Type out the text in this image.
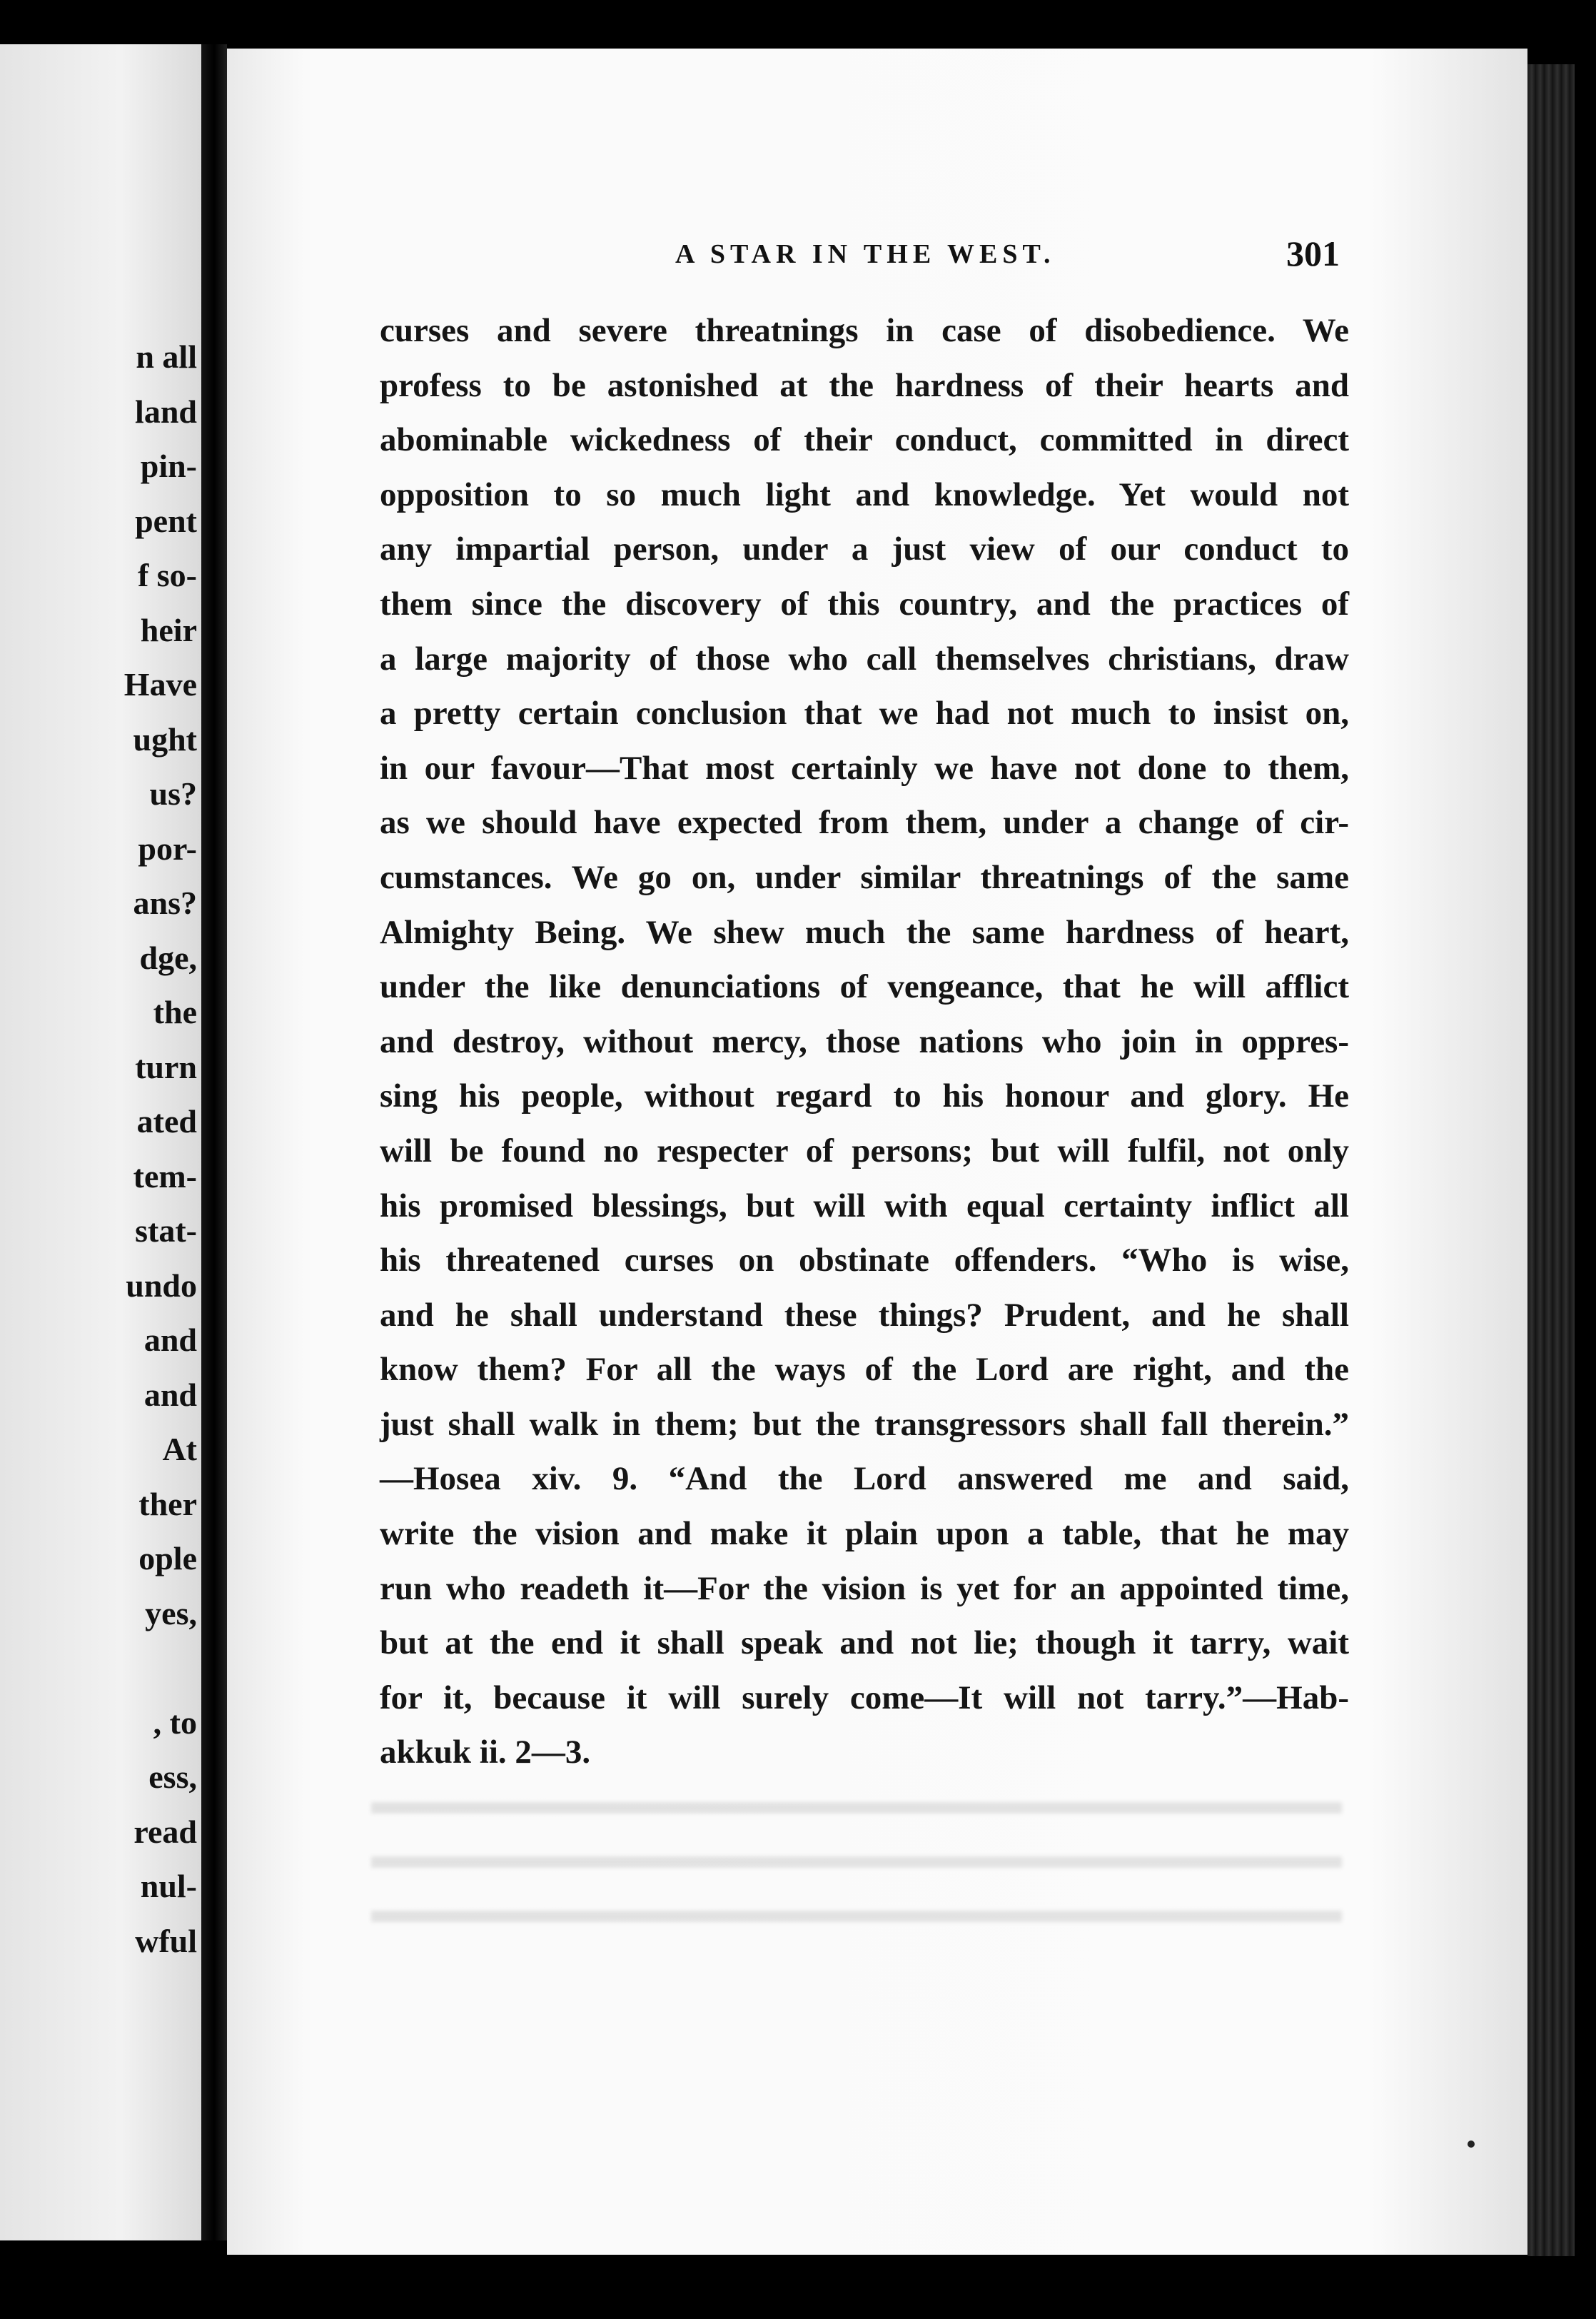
n all
land
pin-
pent
f so-
heir
Have
ught
us?
por-
ans?
dge,
the
turn
ated
tem-
stat-
undo
and
and
At
ther
ople
yes,

, to
ess,
read
nul-
wful
A STAR IN THE WEST.	301
curses and severe threatnings in case of disobedience. We
profess to be astonished at the hardness of their hearts and
abominable wickedness of their conduct, committed in direct
opposition to so much light and knowledge. Yet would not
any impartial person, under a just view of our conduct to
them since the discovery of this country, and the practices of
a large majority of those who call themselves christians, draw
a pretty certain conclusion that we had not much to insist on,
in our favour—That most certainly we have not done to them,
as we should have expected from them, under a change of cir-
cumstances. We go on, under similar threatnings of the same
Almighty Being. We shew much the same hardness of heart,
under the like denunciations of vengeance, that he will afflict
and destroy, without mercy, those nations who join in oppres-
sing his people, without regard to his honour and glory. He
will be found no respecter of persons; but will fulfil, not only
his promised blessings, but will with equal certainty inflict all
his threatened curses on obstinate offenders. “Who is wise,
and he shall understand these things? Prudent, and he shall
know them? For all the ways of the Lord are right, and the
just shall walk in them; but the transgressors shall fall therein.”
—Hosea xiv. 9. “And the Lord answered me and said,
write the vision and make it plain upon a table, that he may
run who readeth it—For the vision is yet for an appointed time,
but at the end it shall speak and not lie; though it tarry, wait
for it, because it will surely come—It will not tarry.”—Hab-
akkuk ii. 2—3.
